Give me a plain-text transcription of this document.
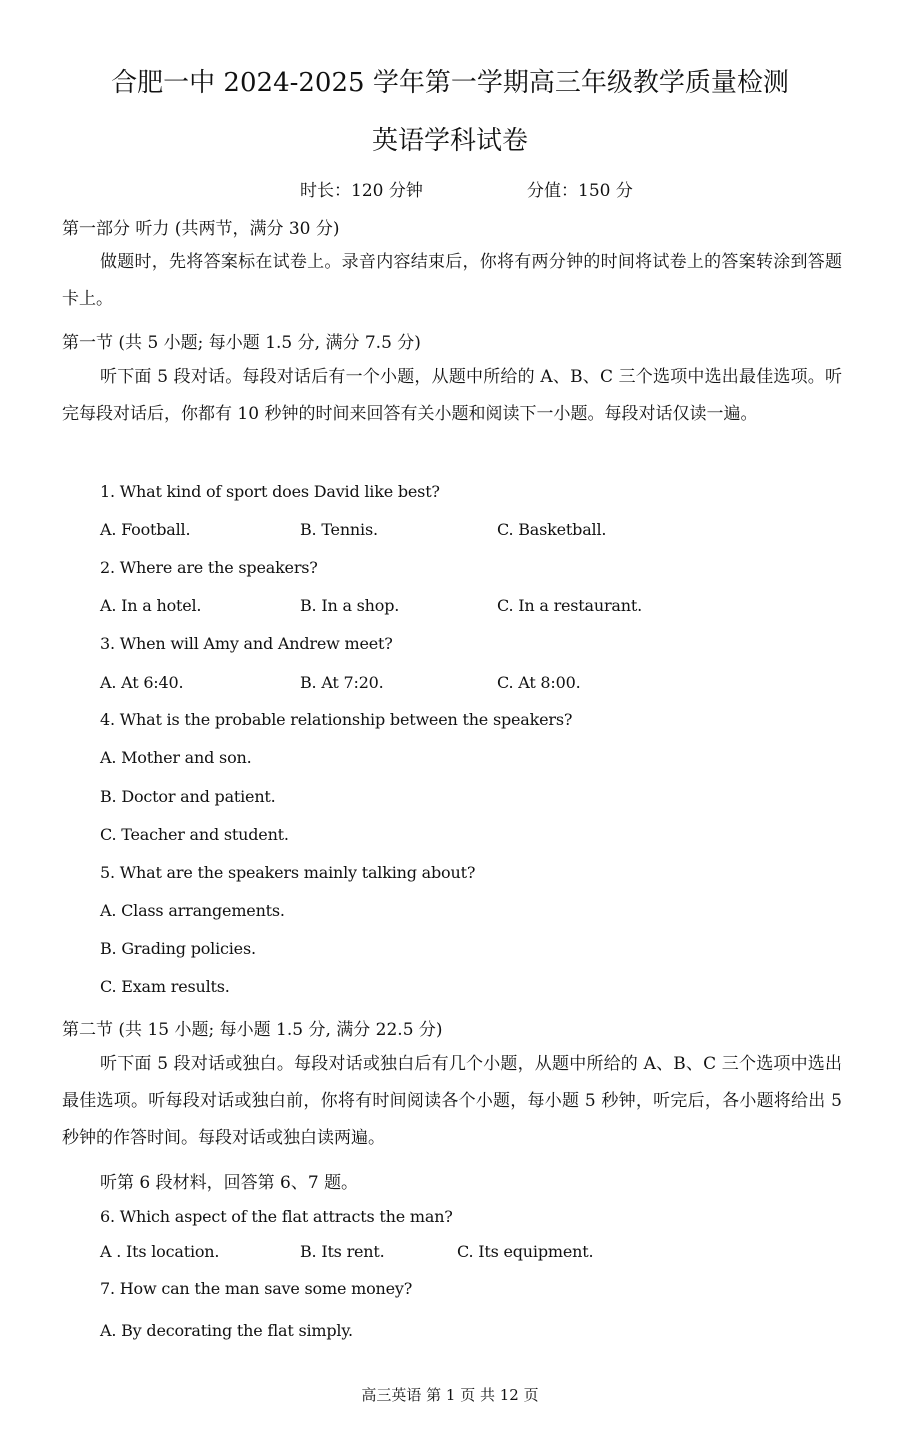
合肥一中 2024-2025 学年第一学期高三年级教学质量检测
英语学科试卷
时长：120 分钟	分值：150 分
第一部分 听力 (共两节，满分 30 分)
做题时，先将答案标在试卷上。录音内容结束后，你将有两分钟的时间将试卷上的答案转涂到答题卡上。
第一节 (共 5 小题; 每小题 1.5 分, 满分 7.5 分)
听下面 5 段对话。每段对话后有一个小题，从题中所给的 A、B、C 三个选项中选出最佳选项。听完每段对话后，你都有 10 秒钟的时间来回答有关小题和阅读下一小题。每段对话仅读一遍。
1. What kind of sport does David like best?
A. Football.	B. Tennis.	C. Basketball.
2. Where are the speakers?
A. In a hotel.	B. In a shop.	C. In a restaurant.
3. When will Amy and Andrew meet?
A. At 6:40.	B. At 7:20.	C. At 8:00.
4. What is the probable relationship between the speakers?
A. Mother and son.
B. Doctor and patient.
C. Teacher and student.
5. What are the speakers mainly talking about?
A. Class arrangements.
B. Grading policies.
C. Exam results.
第二节 (共 15 小题; 每小题 1.5 分, 满分 22.5 分)
听下面 5 段对话或独白。每段对话或独白后有几个小题，从题中所给的 A、B、C 三个选项中选出最佳选项。听每段对话或独白前，你将有时间阅读各个小题，每小题 5 秒钟，听完后，各小题将给出 5 秒钟的作答时间。每段对话或独白读两遍。
听第 6 段材料，回答第 6、7 题。
6. Which aspect of the flat attracts the man?
A . Its location.	B. Its rent.	C. Its equipment.
7. How can the man save some money?
A. By decorating the flat simply.
高三英语 第 1 页 共 12 页
